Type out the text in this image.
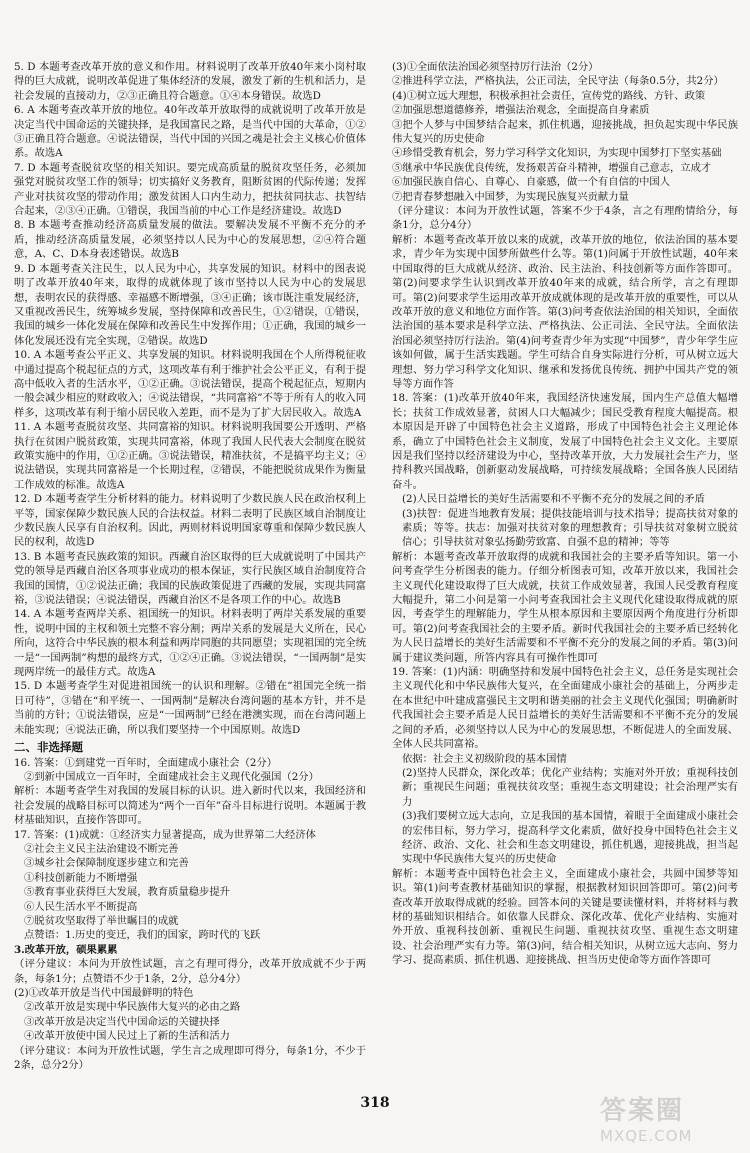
5. D 本题考查改革开放的意义和作用。材料说明了改革开放40年来小岗村取得的巨大成就，说明改革促进了集体经济的发展，激发了新的生机和活力，是社会发展的直接动力，②③正确且符合题意。①④本身错误。故选D

6. A 本题考查改革开放的地位。40年改革开放取得的成就说明了改革开放是决定当代中国命运的关键抉择，是我国富民之路，是当代中国的大革命，①②③正确且符合题意。④说法错误，当代中国的兴国之魂是社会主义核心价值体系。故选A

7. D 本题考查脱贫攻坚的相关知识。要完成高质量的脱贫攻坚任务，必须加强党对脱贫攻坚工作的领导；切实搞好义务教育，阻断贫困的代际传递；发挥产业对扶贫攻坚的带动作用；激发贫困人口内生动力，把扶贫同扶志、扶智结合起来，②③④正确。①错误，我国当前的中心工作是经济建设。故选D

8. B 本题考查推动经济高质量发展的做法。要解决发展不平衡不充分的矛盾，推动经济高质量发展，必须坚持以人民为中心的发展思想，②④符合题意，A、C、D本身表述错误。故选B

9. D 本题考查关注民生，以人民为中心，共享发展的知识。材料中的图表说明了改革开放40年来，取得的成就体现了该市坚持以人民为中心的发展思想，表明农民的获得感、幸福感不断增强，③④正确；该市既注重发展经济，又重视改善民生，统筹城乡发展，坚持保障和改善民生，①②错误，①错误，我国的城乡一体化发展在保障和改善民生中发挥作用；①正确，我国的城乡一体化发展还没有完全实现，②错误。故选D

10. A 本题考查公平正义、共享发展的知识。材料说明我国在个人所得税征收中通过提高个税起征点的方式，这项改革有利于维护社会公平正义，有利于提高中低收入者的生活水平，①②正确。③说法错误，提高个税起征点，短期内一般会减少相应的财政收入；④说法错误，“共同富裕”不等于所有人的收入同样多，这项改革有利于缩小居民收入差距，而不是为了扩大居民收入。故选A

11. A 本题考查脱贫攻坚、共同富裕的知识。材料说明我国要公开透明、严格执行在贫困户脱贫政策，实现共同富裕，体现了我国人民代表大会制度在脱贫政策实施中的作用，①②正确。③说法错误，精准扶贫，不是搞平均主义；④说法错误，实现共同富裕是一个长期过程，②错误，不能把脱贫成果作为衡量工作成效的标准。故选A

12. D 本题考查学生分析材料的能力。材料说明了少数民族人民在政治权利上平等，国家保障少数民族人民的合法权益。材料二表明了民族区域自治制度让少数民族人民享有自治权利。因此，两则材料说明国家尊重和保障少数民族人民的权利，故选D

13. B 本题考查民族政策的知识。西藏自治区取得的巨大成就说明了中国共产党的领导是西藏自治区各项事业成功的根本保证，实行民族区域自治制度符合我国的国情，①②说法正确；我国的民族政策促进了西藏的发展，实现共同富裕，③说法错误；④说法错误，西藏自治区不是各项工作的中心。故选B

14. A 本题考查两岸关系、祖国统一的知识。材料表明了两岸关系发展的重要性，说明中国的主权和领土完整不容分割；两岸关系的发展是大义所在，民心所向，这符合中华民族的根本利益和两岸同胞的共同愿望；实现祖国的完全统一是“一国两制”构想的最终方式，①②④正确。③说法错误，“一国两制”是实现两岸统一的最佳方式。故选A

15. D 本题考查学生对促进祖国统一的认识和理解。②错在“祖国完全统一指日可待”，③错在“和平统一、一国两制”是解决台湾问题的基本方针，并不是当前的方针；①说法错误，应是“一国两制”已经在港澳实现，而在台湾问题上未能实现；④说法正确，所以我们要坚持一个中国原则。故选D

二、非选择题

16. 答案：①到建党一百年时，全面建成小康社会（2分）

②到新中国成立一百年时，全面建成社会主义现代化强国（2分）

解析：本题考查学生对我国的发展目标的认识。进入新时代以来，我国经济和社会发展的战略目标可以简述为“两个一百年”奋斗目标进行说明。本题属于教材基础知识，直接作答即可。

17. 答案：(1)成就：①经济实力显著提高，成为世界第二大经济体

②社会主义民主法治建设不断完善

③城乡社会保障制度逐步建立和完善

①科技创新能力不断增强

⑤教育事业获得巨大发展，教育质量稳步提升

⑥人民生活水平不断提高

⑦脱贫攻坚取得了举世瞩目的成就

点赞语：1.历史的变迁，我们的国家，跨时代的飞跃

3.改革开放，硕果累累

（评分建议：本问为开放性试题，言之有理可得分，改革开放成就不少于两条，每条1分；点赞语不少于1条，2分，总分4分）

(2)①改革开放是当代中国最鲜明的特色

②改革开放是实现中华民族伟大复兴的必由之路

③改革开放是决定当代中国命运的关键抉择

④改革开放使中国人民过上了新的生活和活力

（评分建议：本问为开放性试题，学生言之成理即可得分，每条1分，不少于2条，总分2分）

(3)①全面依法治国必须坚持厉行法治（2分）

②推进科学立法，严格执法，公正司法，全民守法（每条0.5分，共2分）

(4)①树立远大理想，积极承担社会责任，宣传党的路线、方针、政策

②加强思想道德修养，增强法治观念，全面提高自身素质

③把个人梦与中国梦结合起来，抓住机遇，迎接挑战，担负起实现中华民族伟大复兴的历史使命

④珍惜受教育机会，努力学习科学文化知识，为实现中国梦打下坚实基础

⑤继承中华民族优良传统，发扬艰苦奋斗精神，增强自己意志，立成才

⑥加强民族自信心、自尊心、自豪感，做一个有自信的中国人

⑦把青春梦想融入中国梦，为实现民族复兴贡献力量

（评分建议：本问为开放性试题，答案不少于4条，言之有理酌情给分，每条1分，总分4分）

解析：本题考查改革开放以来的成就，改革开放的地位，依法治国的基本要求，青少年为实现中国梦所做些什么等。第(1)问属于开放性试题，40年来中国取得的巨大成就从经济、政治、民主法治、科技创新等方面作答即可。第(2)问要求学生认识到改革开放40年来的成就，结合所学，言之有理即可。第(2)问要求学生运用改革开放成就体现的是改革开放的重要性，可以从改革开放的意义和地位方面作答。第(3)问考查依法治国的相关知识，全面依法治国的基本要求是科学立法、严格执法、公正司法、全民守法。全面依法治国必须坚持厉行法治。第(4)问考查青少年为实现“中国梦”，青少年学生应该如何做，属于生活实践题。学生可结合自身实际进行分析，可从树立远大理想、努力学习科学文化知识、继承和发扬优良传统、拥护中国共产党的领导等方面作答

18. 答案：(1)改革开放40年来，我国经济快速发展，国内生产总值大幅增长；扶贫工作成效显著，贫困人口大幅减少；国民受教育程度大幅提高。根本原因是开辟了中国特色社会主义道路，形成了中国特色社会主义理论体系，确立了中国特色社会主义制度，发展了中国特色社会主义文化。主要原因是我们坚持以经济建设为中心，坚持改革开放，大力发展社会生产力，坚持科教兴国战略，创新驱动发展战略，可持续发展战略；全国各族人民团结奋斗。

(2)人民日益增长的美好生活需要和不平衡不充分的发展之间的矛盾

(3)扶智：促进当地教育发展；提供技能培训与技术指导；提高扶贫对象的素质；等等。扶志：加强对扶贫对象的理想教育；引导扶贫对象树立脱贫信心；引导扶贫对象弘扬勤劳致富、自强不息的精神；等等

解析：本题考查改革开放取得的成就和我国社会的主要矛盾等知识。第一小问考查学生分析图表的能力。仔细分析图表可知，改革开放以来，我国社会主义现代化建设取得了巨大成就，扶贫工作成效显著，我国人民受教育程度大幅提升，第二小问是第一小问考查我国社会主义现代化建设取得成就的原因，考查学生的理解能力，学生从根本原因和主要原因两个角度进行分析即可。第(2)问考查我国社会的主要矛盾。新时代我国社会的主要矛盾已经转化为人民日益增长的美好生活需要和不平衡不充分的发展之间的矛盾。第(3)问属于建议类问题，所答内容具有可操作性即可

19. 答案：(1)内涵：明确坚持和发展中国特色社会主义，总任务是实现社会主义现代化和中华民族伟大复兴，在全面建成小康社会的基础上，分两步走在本世纪中叶建成富强民主文明和谐美丽的社会主义现代化强国；明确新时代我国社会主要矛盾是人民日益增长的美好生活需要和不平衡不充分的发展之间的矛盾，必须坚持以人民为中心的发展思想，不断促进人的全面发展、全体人民共同富裕。

依据：社会主义初级阶段的基本国情

(2)坚持人民群众，深化改革；优化产业结构；实施对外开放；重视科技创新；重视民生问题；重视扶贫攻坚；重视生态文明建设；社会治理严实有力

(3)我们要树立远大志向，立足我国的基本国情，着眼于全面建成小康社会的宏伟目标，努力学习，提高科学文化素质，做好投身中国特色社会主义经济、政治、文化、社会和生态文明建设，抓住机遇，迎接挑战，担当起实现中华民族伟大复兴的历史使命

解析：本题考查中国特色社会主义，全面建成小康社会，共圆中国梦等知识。第(1)问考查教材基础知识的掌握，根据教材知识回答即可。第(2)问考查改革开放取得成就的经验。回答本问的关键是要读懂材料，并将材料与教材的基础知识相结合。如依靠人民群众、深化改革、优化产业结构、实施对外开放、重视科技创新、重视民生问题、重视扶贫攻坚、重视生态文明建设、社会治理严实有力等。第(3)问，结合相关知识，从树立远大志向、努力学习、提高素质、抓住机遇、迎接挑战、担当历史使命等方面作答即可

318	答案圈
MXQE.COM
